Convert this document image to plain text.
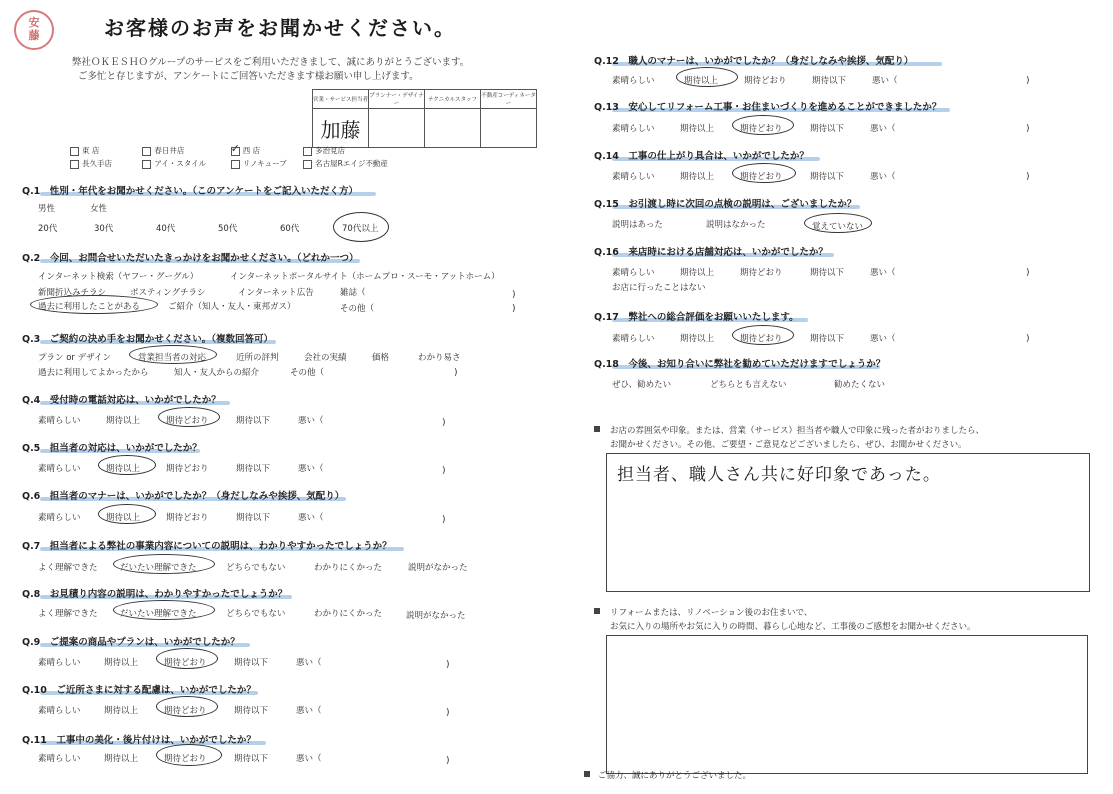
安
藤	お客様のお声をお聞かせください。
弊社ＯＫＥＳＨＯグループのサービスをご利用いただきまして、誠にありがとうございます。
ご多忙と存じますが、アンケートにご回答いただきます様お願い申し上げます。
営業・サービス担当者	プランナー・デザイナー	テクニカルスタッフ	不動産コーディネーター
加藤			
東 店	春日井店	✓ 西 店	多治見店
長久手店	アイ・スタイル	リノキューブ	名古屋Rエイジ不動産
Q.1　性別・年代をお聞かせください。（このアンケートをご記入いただく方）
男性	女性
20代	30代	40代	50代	60代	70代以上
Q.2　今回、お問合せいただいたきっかけをお聞かせください。（どれか一つ）
インターネット検索（ヤフー・グーグル）	インターネットポータルサイト（ホームプロ・スーモ・アットホーム）
新聞折込みチラシ	ポスティングチラシ	インターネット広告	雑誌（	)
過去に利用したことがある	ご紹介（知人・友人・東邦ガス）	その他（	)
Q.3　ご契約の決め手をお聞かせください。（複数回答可）
プラン or デザイン	営業担当者の対応	近所の評判	会社の実績	価格	わかり易さ
過去に利用してよかったから	知人・友人からの紹介	その他（	)
Q.4　受付時の電話対応は、いかがでしたか？
素晴らしい	期待以上	期待どおり	期待以下	悪い（	)
Q.5　担当者の対応は、いかがでしたか？
素晴らしい	期待以上	期待どおり	期待以下	悪い（	)
Q.6　担当者のマナーは、いかがでしたか？（身だしなみや挨拶、気配り）
素晴らしい	期待以上	期待どおり	期待以下	悪い（	)
Q.7　担当者による弊社の事業内容についての説明は、わかりやすかったでしょうか？
よく理解できた	だいたい理解できた	どちらでもない	わかりにくかった	説明がなかった
Q.8　お見積り内容の説明は、わかりやすかったでしょうか？
よく理解できた	だいたい理解できた	どちらでもない	わかりにくかった	説明がなかった
Q.9　ご提案の商品やプランは、いかがでしたか？
素晴らしい	期待以上	期待どおり	期待以下	悪い（	)
Q.10　ご近所さまに対する配慮は、いかがでしたか？
素晴らしい	期待以上	期待どおり	期待以下	悪い（	)
Q.11　工事中の美化・後片付けは、いかがでしたか？
素晴らしい	期待以上	期待どおり	期待以下	悪い（	)
Q.12　職人のマナーは、いかがでしたか？（身だしなみや挨拶、気配り）
素晴らしい	期待以上	期待どおり	期待以下	悪い（	)
Q.13　安心してリフォーム工事・お住まいづくりを進めることができましたか？
素晴らしい	期待以上	期待どおり	期待以下	悪い（	)
Q.14　工事の仕上がり具合は、いかがでしたか？
素晴らしい	期待以上	期待どおり	期待以下	悪い（	)
Q.15　お引渡し時に次回の点検の説明は、ございましたか？
説明はあった	説明はなかった	覚えていない
Q.16　来店時における店舗対応は、いかがでしたか？
素晴らしい	期待以上	期待どおり	期待以下	悪い（	)
お店に行ったことはない
Q.17　弊社への総合評価をお願いいたします。
素晴らしい	期待以上	期待どおり	期待以下	悪い（	)
Q.18　今後、お知り合いに弊社を勧めていただけますでしょうか？
ぜひ、勧めたい	どちらとも言えない	勧めたくない
お店の雰囲気や印象。または、営業（サービス）担当者や職人で印象に残った者がおりましたら、
お聞かせください。その他、ご要望・ご意見などございましたら、ぜひ、お聞かせください。
担当者、職人さん共に好印象であった。
リフォームまたは、リノベーション後のお住まいで、
お気に入りの場所やお気に入りの時間、暮らし心地など、工事後のご感想をお聞かせください。
ご協力、誠にありがとうございました。
